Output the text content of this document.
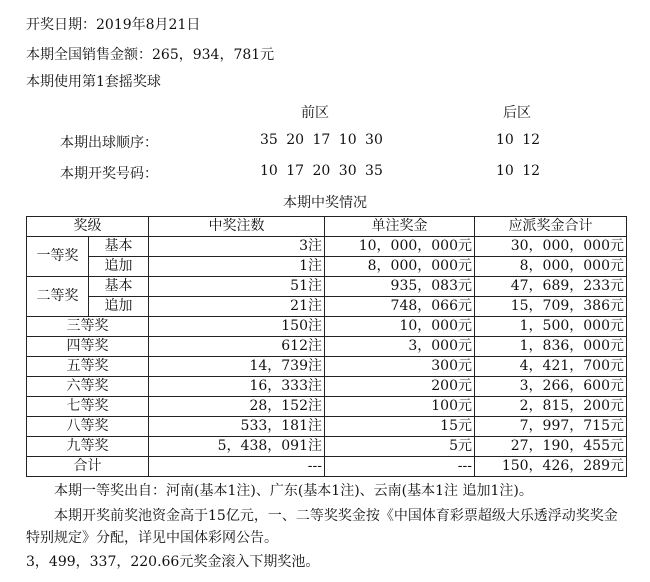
开奖日期：2019年8月21日
本期全国销售金额：265，934，781元
本期使用第1套摇奖球
前区	后区
本期出球顺序：	35 20 17 10 30	10 12
本期开奖号码：	10 17 20 30 35	10 12
本期中奖情况
奖级		中奖注数	单注奖金	应派奖金合计
一等奖	基本	3注	10，000，000元	30，000，000元
	追加	1注	8，000，000元	8，000，000元
二等奖	基本	51注	935，083元	47，689，233元
	追加	21注	748，066元	15，709，386元
三等奖		150注	10，000元	1，500，000元
四等奖		612注	3，000元	1，836，000元
五等奖		14，739注	300元	4，421，700元
六等奖		16，333注	200元	3，266，600元
七等奖		28，152注	100元	2，815，200元
八等奖		533，181注	15元	7，997，715元
九等奖		5，438，091注	5元	27，190，455元
合计		---	---	150，426，289元
本期一等奖出自：河南(基本1注)、广东(基本1注)、云南(基本1注 追加1注)。
本期开奖前奖池资金高于15亿元，一、二等奖奖金按《中国体育彩票超级大乐透浮动奖奖金特别规定》分配，详见中国体彩网公告。
3，499，337，220.66元奖金滚入下期奖池。
